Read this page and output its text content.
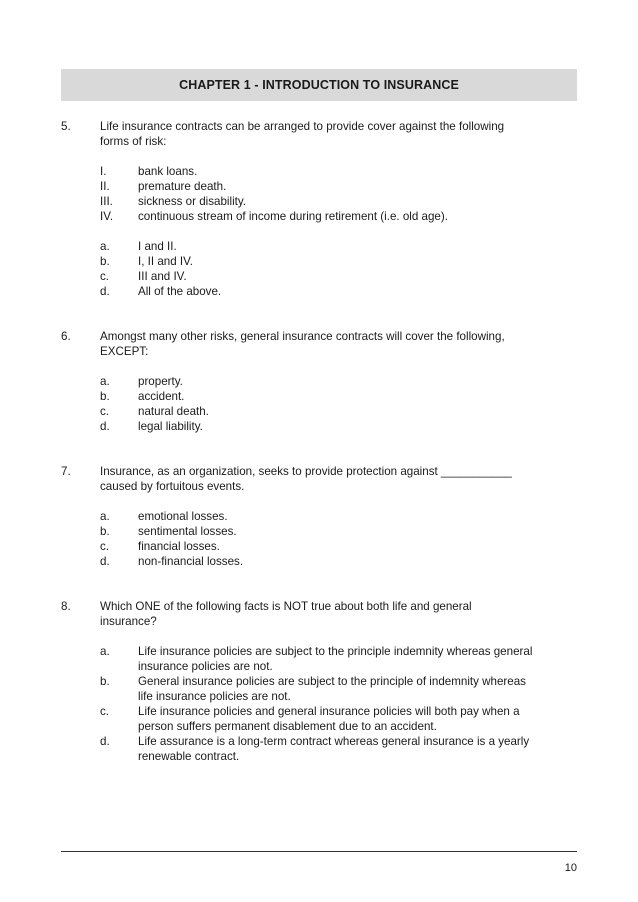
CHAPTER 1 - INTRODUCTION TO INSURANCE
5.	Life insurance contracts can be arranged to provide cover against the following forms of risk:
I.	bank loans.
II.	premature death.
III.	sickness or disability.
IV.	continuous stream of income during retirement (i.e. old age).
a.	I and II.
b.	I, II and IV.
c.	III and IV.
d.	All of the above.
6.	Amongst many other risks, general insurance contracts will cover the following, EXCEPT:
a.	property.
b.	accident.
c.	natural death.
d.	legal liability.
7.	Insurance, as an organization, seeks to provide protection against ___________ caused by fortuitous events.
a.	emotional losses.
b.	sentimental losses.
c.	financial losses.
d.	non-financial losses.
8.	Which ONE of the following facts is NOT true about both life and general insurance?
a.	Life insurance policies are subject to the principle indemnity whereas general insurance policies are not.
b.	General insurance policies are subject to the principle of indemnity whereas life insurance policies are not.
c.	Life insurance policies and general insurance policies will both pay when a person suffers permanent disablement due to an accident.
d.	Life assurance is a long-term contract whereas general insurance is a yearly renewable contract.
10
